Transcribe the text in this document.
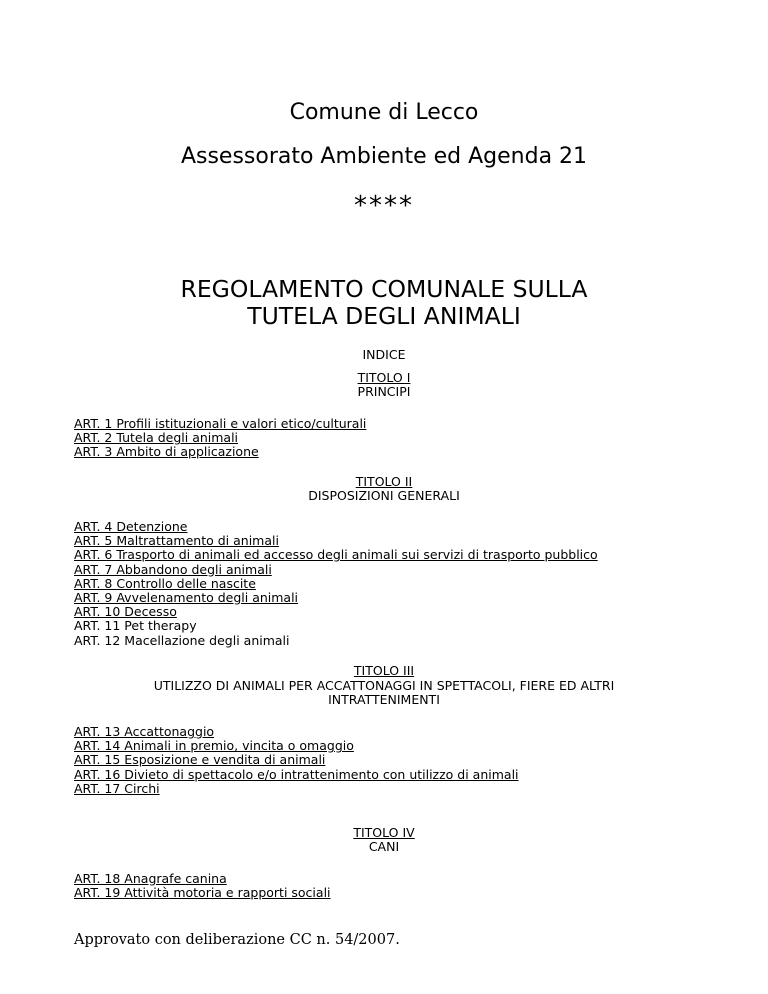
Comune di Lecco
Assessorato Ambiente ed Agenda 21
****
REGOLAMENTO COMUNALE SULLA
TUTELA DEGLI ANIMALI
INDICE
TITOLO I
PRINCIPI
ART. 1 Profili istituzionali e valori etico/culturali
ART. 2 Tutela degli animali
ART. 3 Ambito di applicazione
TITOLO II
DISPOSIZIONI GENERALI
ART. 4 Detenzione
ART. 5 Maltrattamento di animali
ART. 6 Trasporto di animali ed accesso degli animali sui servizi di trasporto pubblico
ART. 7 Abbandono degli animali
ART. 8 Controllo delle nascite
ART. 9 Avvelenamento degli animali
ART. 10 Decesso
ART. 11 Pet therapy
ART. 12 Macellazione degli animali
TITOLO III
UTILIZZO DI ANIMALI PER ACCATTONAGGI IN SPETTACOLI, FIERE ED ALTRI
INTRATTENIMENTI
ART. 13 Accattonaggio
ART. 14 Animali in premio, vincita o omaggio
ART. 15 Esposizione e vendita di animali
ART. 16 Divieto di spettacolo e/o intrattenimento con utilizzo di animali
ART. 17 Circhi
TITOLO IV
CANI
ART. 18 Anagrafe canina
ART. 19 Attività motoria e rapporti sociali
Approvato con deliberazione CC n. 54/2007.
